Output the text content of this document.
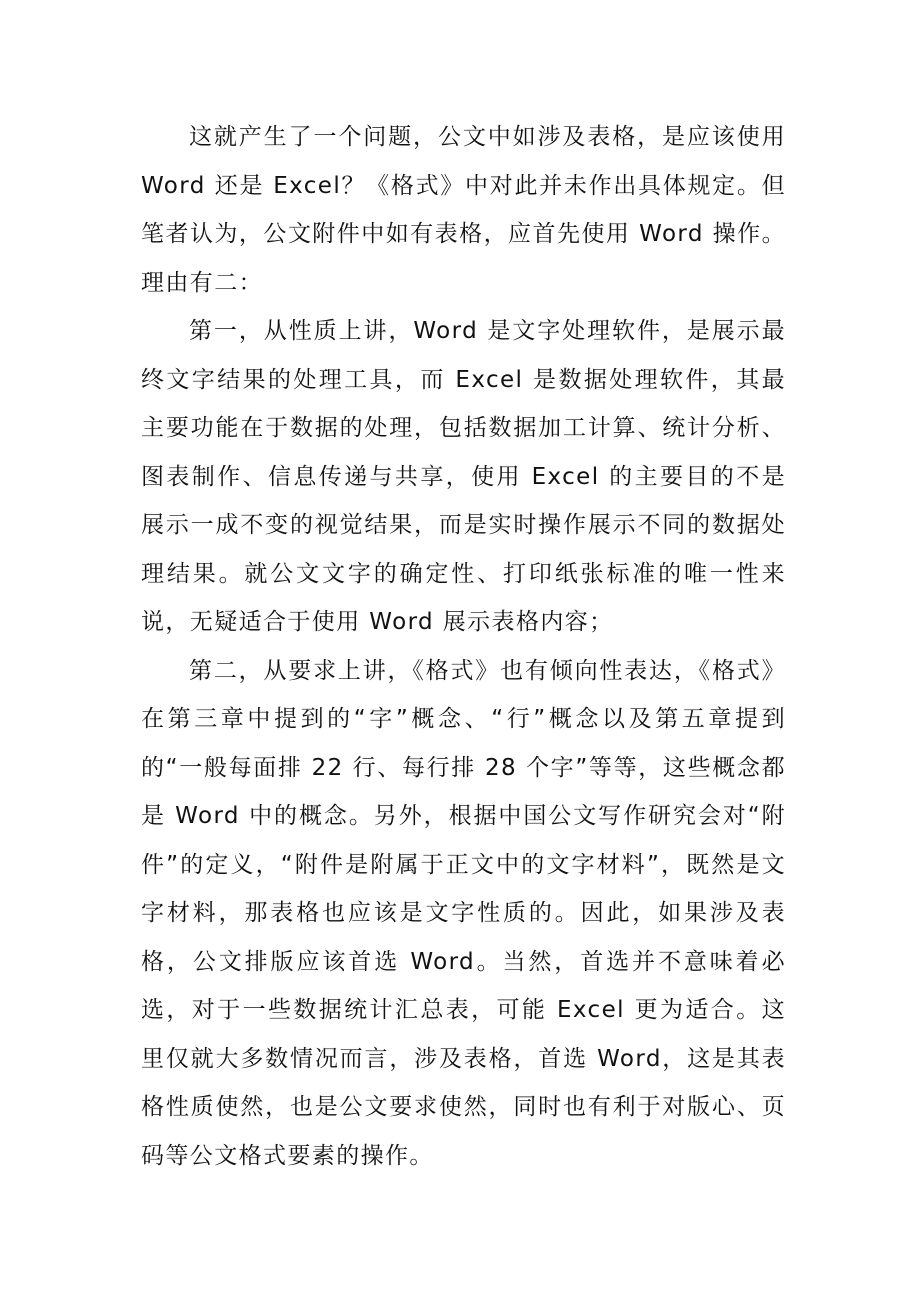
这就产生了一个问题，公文中如涉及表格，是应该使用Word 还是 Excel？《格式》中对此并未作出具体规定。但笔者认为，公文附件中如有表格，应首先使用 Word 操作。理由有二：

第一，从性质上讲，Word 是文字处理软件，是展示最终文字结果的处理工具，而 Excel 是数据处理软件，其最主要功能在于数据的处理，包括数据加工计算、统计分析、图表制作、信息传递与共享，使用 Excel 的主要目的不是展示一成不变的视觉结果，而是实时操作展示不同的数据处理结果。就公文文字的确定性、打印纸张标准的唯一性来说，无疑适合于使用 Word 展示表格内容；

第二，从要求上讲，《格式》也有倾向性表达，《格式》在第三章中提到的“字”概念、“行”概念以及第五章提到的“一般每面排 22 行、每行排 28 个字”等等，这些概念都是 Word 中的概念。另外，根据中国公文写作研究会对“附件”的定义，“附件是附属于正文中的文字材料”，既然是文字材料，那表格也应该是文字性质的。因此，如果涉及表格，公文排版应该首选 Word。当然，首选并不意味着必选，对于一些数据统计汇总表，可能 Excel 更为适合。这里仅就大多数情况而言，涉及表格，首选 Word，这是其表格性质使然，也是公文要求使然，同时也有利于对版心、页码等公文格式要素的操作。
